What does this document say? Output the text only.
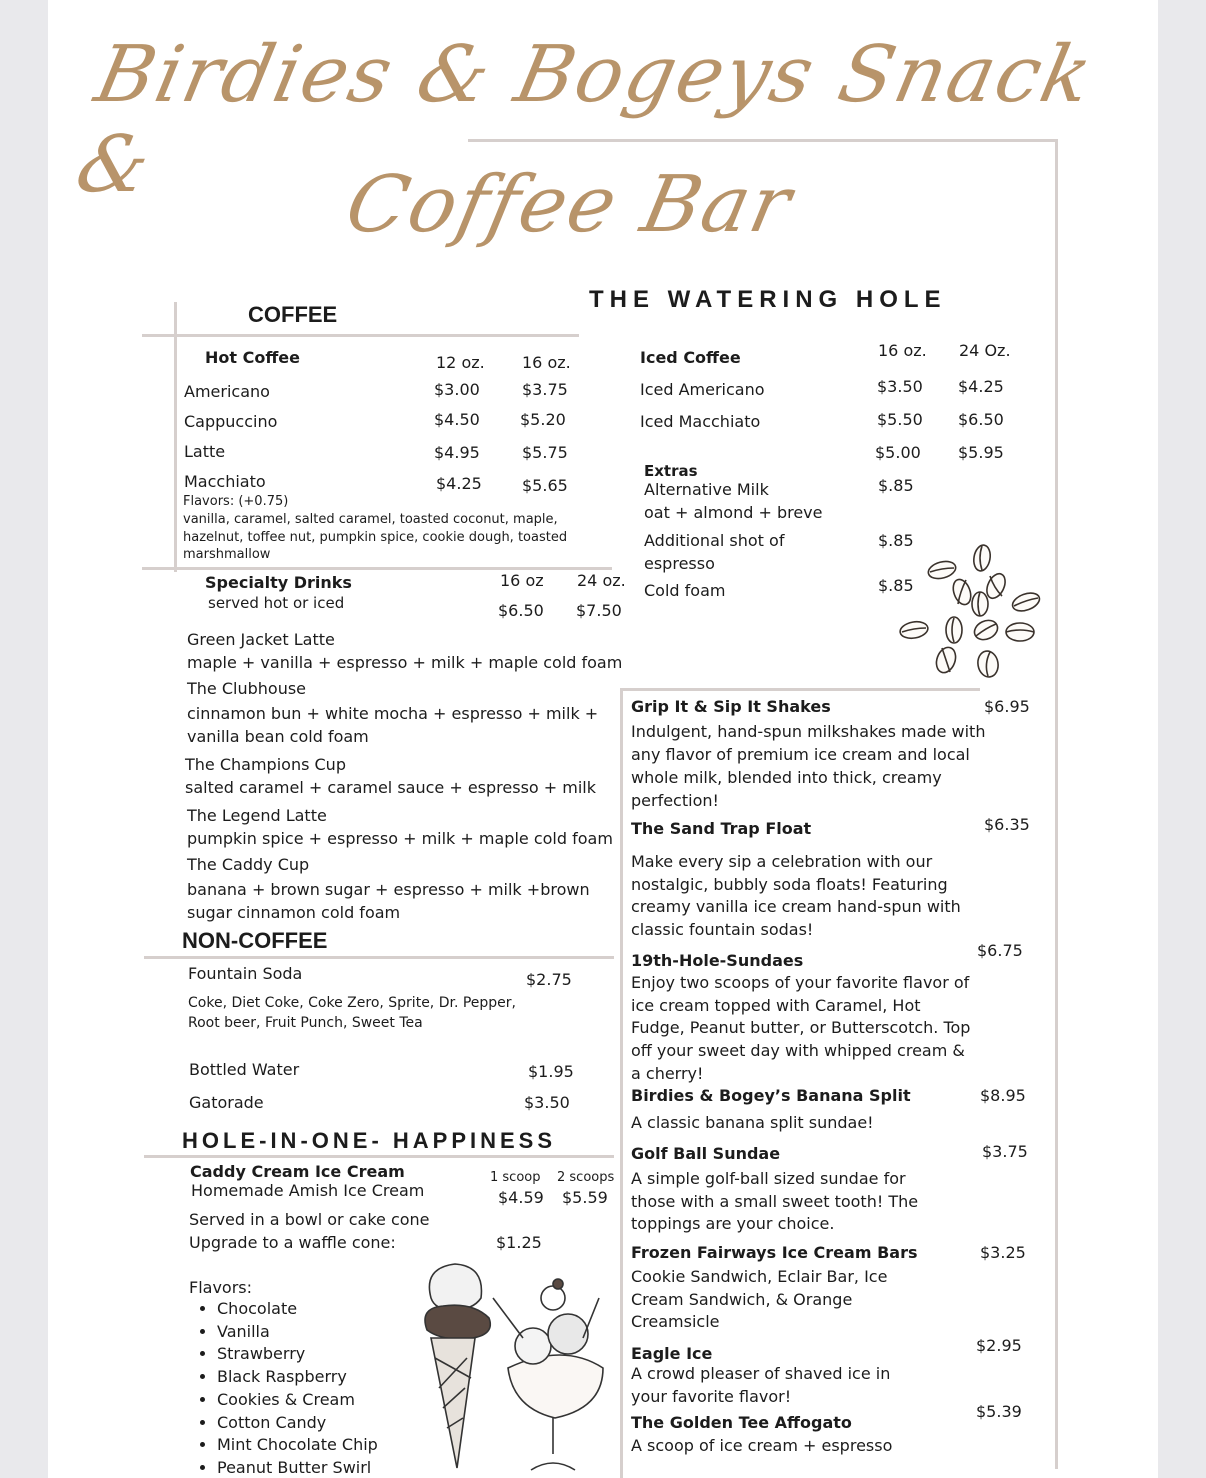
Birdies & Bogeys Snack &	Coffee Bar
COFFEE
Hot Coffee	12 oz. 16 oz.
Americano	$3.00	$3.75
Cappuccino	$4.50	$5.20
Latte	$4.95	$5.75
Macchiato	$4.25	$5.65
Flavors: (+0.75)
vanilla, caramel, salted caramel, toasted coconut, maple, hazelnut, toffee nut, pumpkin spice, cookie dough, toasted marshmallow
Specialty Drinks
served hot or iced
16 oz 24 oz.
$6.50 $7.50
Green Jacket Latte
maple + vanilla + espresso + milk + maple cold foam
The Clubhouse
cinnamon bun + white mocha + espresso + milk + vanilla bean cold foam
The Champions Cup
salted caramel + caramel sauce + espresso + milk
The Legend Latte
pumpkin spice + espresso + milk + maple cold foam
The Caddy Cup
banana + brown sugar + espresso + milk +brown sugar cinnamon cold foam
NON-COFFEE
Fountain Soda	$2.75
Coke, Diet Coke, Coke Zero, Sprite, Dr. Pepper, Root beer, Fruit Punch, Sweet Tea
Bottled Water	$1.95
Gatorade	$3.50
HOLE-IN-ONE- HAPPINESS
Caddy Cream Ice Cream
Homemade Amish Ice Cream
1 scoop 2 scoops
$4.59 $5.59
Served in a bowl or cake cone
Upgrade to a waffle cone:	$1.25
Flavors:
• Chocolate
• Vanilla
• Strawberry
• Black Raspberry
• Cookies & Cream
• Cotton Candy
• Mint Chocolate Chip
• Peanut Butter Swirl
THE WATERING HOLE
Iced Coffee	16 oz. 24 Oz.
Iced Americano	$3.50 $4.25
Iced Macchiato	$5.50 $6.50
$5.00 $5.95
Extras
Alternative Milk
oat + almond + breve
$.85
Additional shot of
espresso
$.85
Cold foam	$.85
Grip It & Sip It Shakes	$6.95
Indulgent, hand-spun milkshakes made with any flavor of premium ice cream and local whole milk, blended into thick, creamy perfection!
The Sand Trap Float	$6.35
Make every sip a celebration with our nostalgic, bubbly soda floats! Featuring creamy vanilla ice cream hand-spun with classic fountain sodas!
19th-Hole-Sundaes
$6.75
Enjoy two scoops of your favorite flavor of ice cream topped with Caramel, Hot Fudge, Peanut butter, or Butterscotch. Top off your sweet day with whipped cream & a cherry!
Birdies & Bogey’s Banana Split	$8.95
A classic banana split sundae!
Golf Ball Sundae	$3.75
A simple golf-ball sized sundae for those with a small sweet tooth! The toppings are your choice.
Frozen Fairways Ice Cream Bars	$3.25
Cookie Sandwich, Eclair Bar, Ice Cream Sandwich, & Orange Creamsicle
Eagle Ice	$2.95
A crowd pleaser of shaved ice in your favorite flavor!
The Golden Tee Affogato
$5.39
A scoop of ice cream + espresso
